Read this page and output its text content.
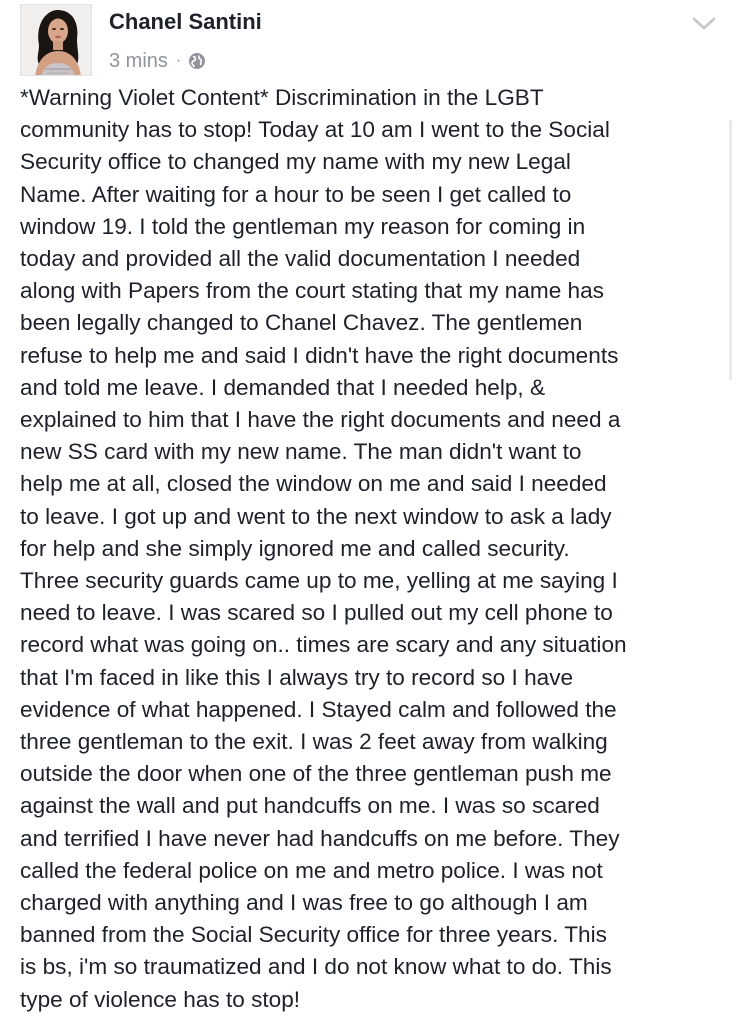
Chanel Santini
3 mins ·

*Warning Violet Content* Discrimination in the LGBT

community has to stop! Today at 10 am I went to the Social

Security office to changed my name with my new Legal

Name. After waiting for a hour to be seen I get called to

window 19. I told the gentleman my reason for coming in

today and provided all the valid documentation I needed

along with Papers from the court stating that my name has

been legally changed to Chanel Chavez. The gentlemen

refuse to help me and said I didn't have the right documents

and told me leave. I demanded that I needed help, &

explained to him that I have the right documents and need a

new SS card with my new name. The man didn't want to

help me at all, closed the window on me and said I needed

to leave. I got up and went to the next window to ask a lady

for help and she simply ignored me and called security.

Three security guards came up to me, yelling at me saying I

need to leave. I was scared so I pulled out my cell phone to

record what was going on.. times are scary and any situation

that I'm faced in like this I always try to record so I have

evidence of what happened. I Stayed calm and followed the

three gentleman to the exit. I was 2 feet away from walking

outside the door when one of the three gentleman push me

against the wall and put handcuffs on me. I was so scared

and terrified I have never had handcuffs on me before. They

called the federal police on me and metro police. I was not

charged with anything and I was free to go although I am

banned from the Social Security office for three years. This

is bs, i'm so traumatized and I do not know what to do. This

type of violence has to stop!
